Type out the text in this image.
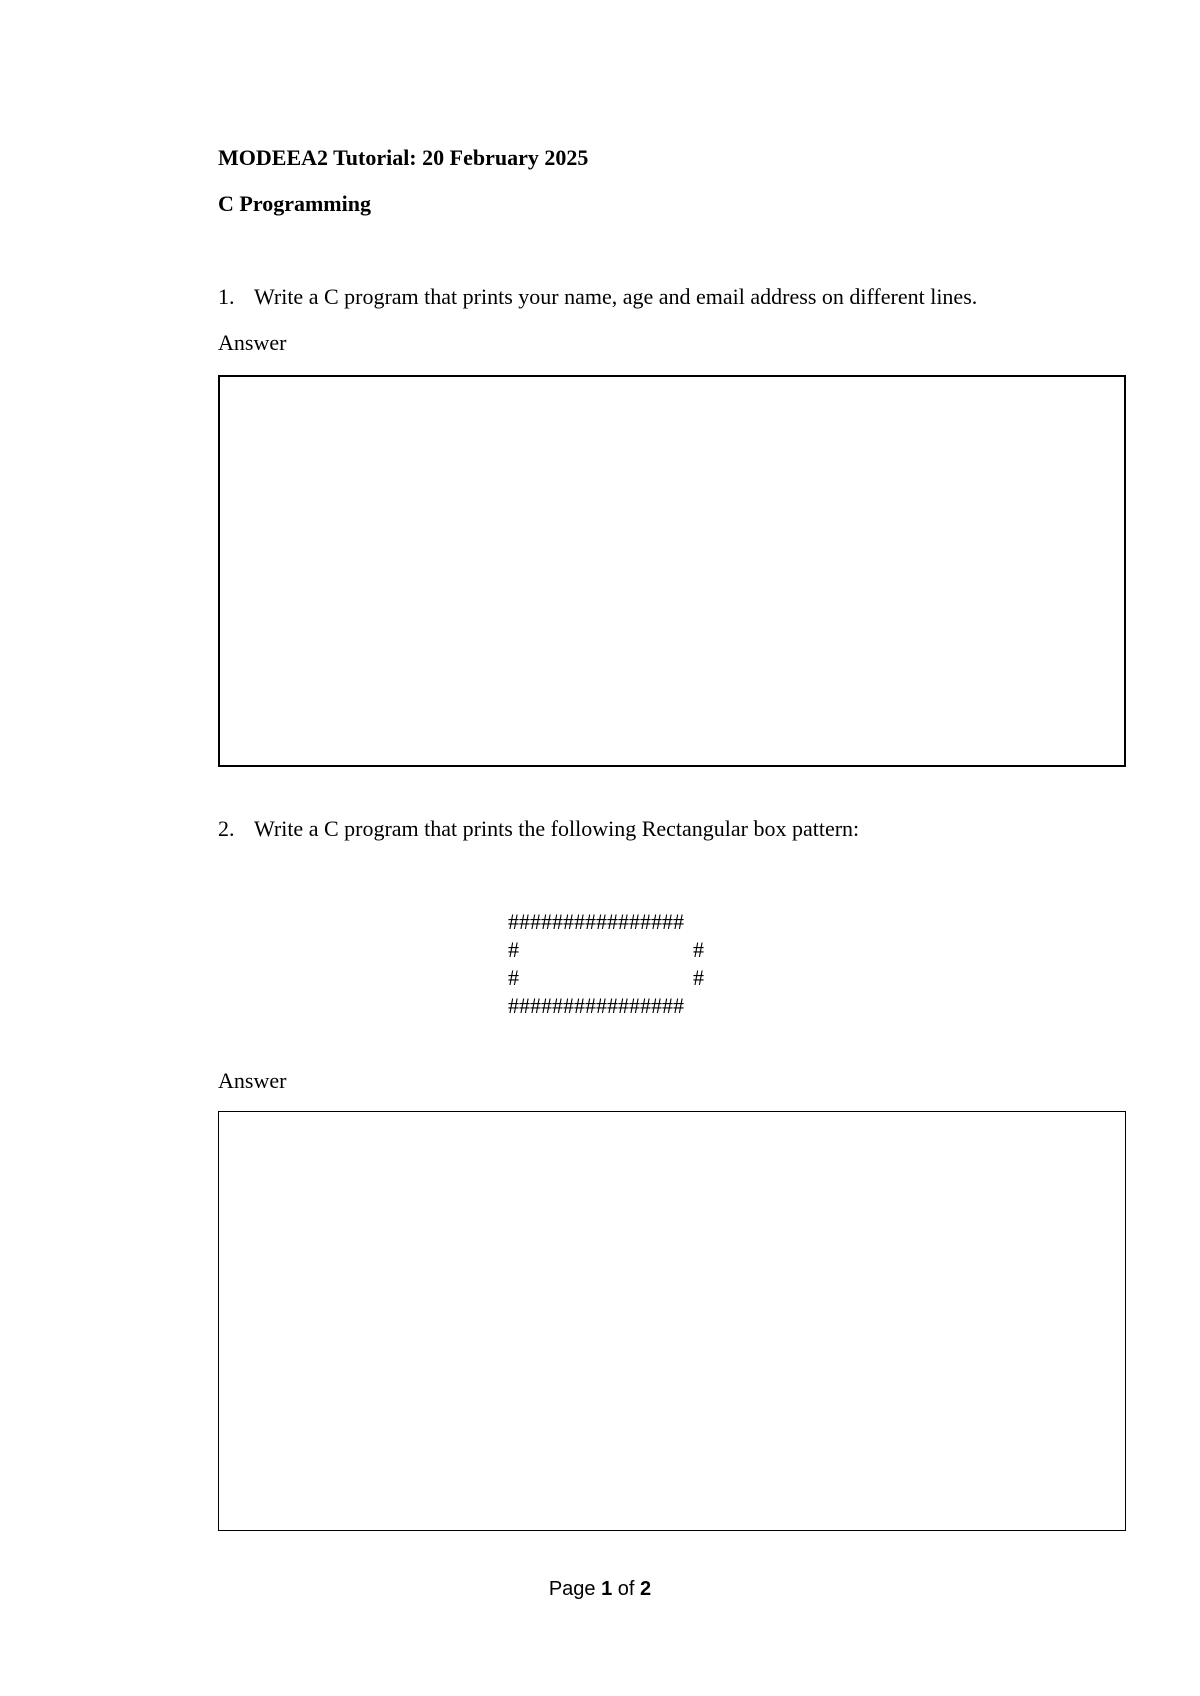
MODEEA2 Tutorial: 20 February 2025
C Programming
1. Write a C program that prints your name, age and email address on different lines.
Answer
2. Write a C program that prints the following Rectangular box pattern:
################
#	#
#	#
################
Answer
Page 1 of 2
